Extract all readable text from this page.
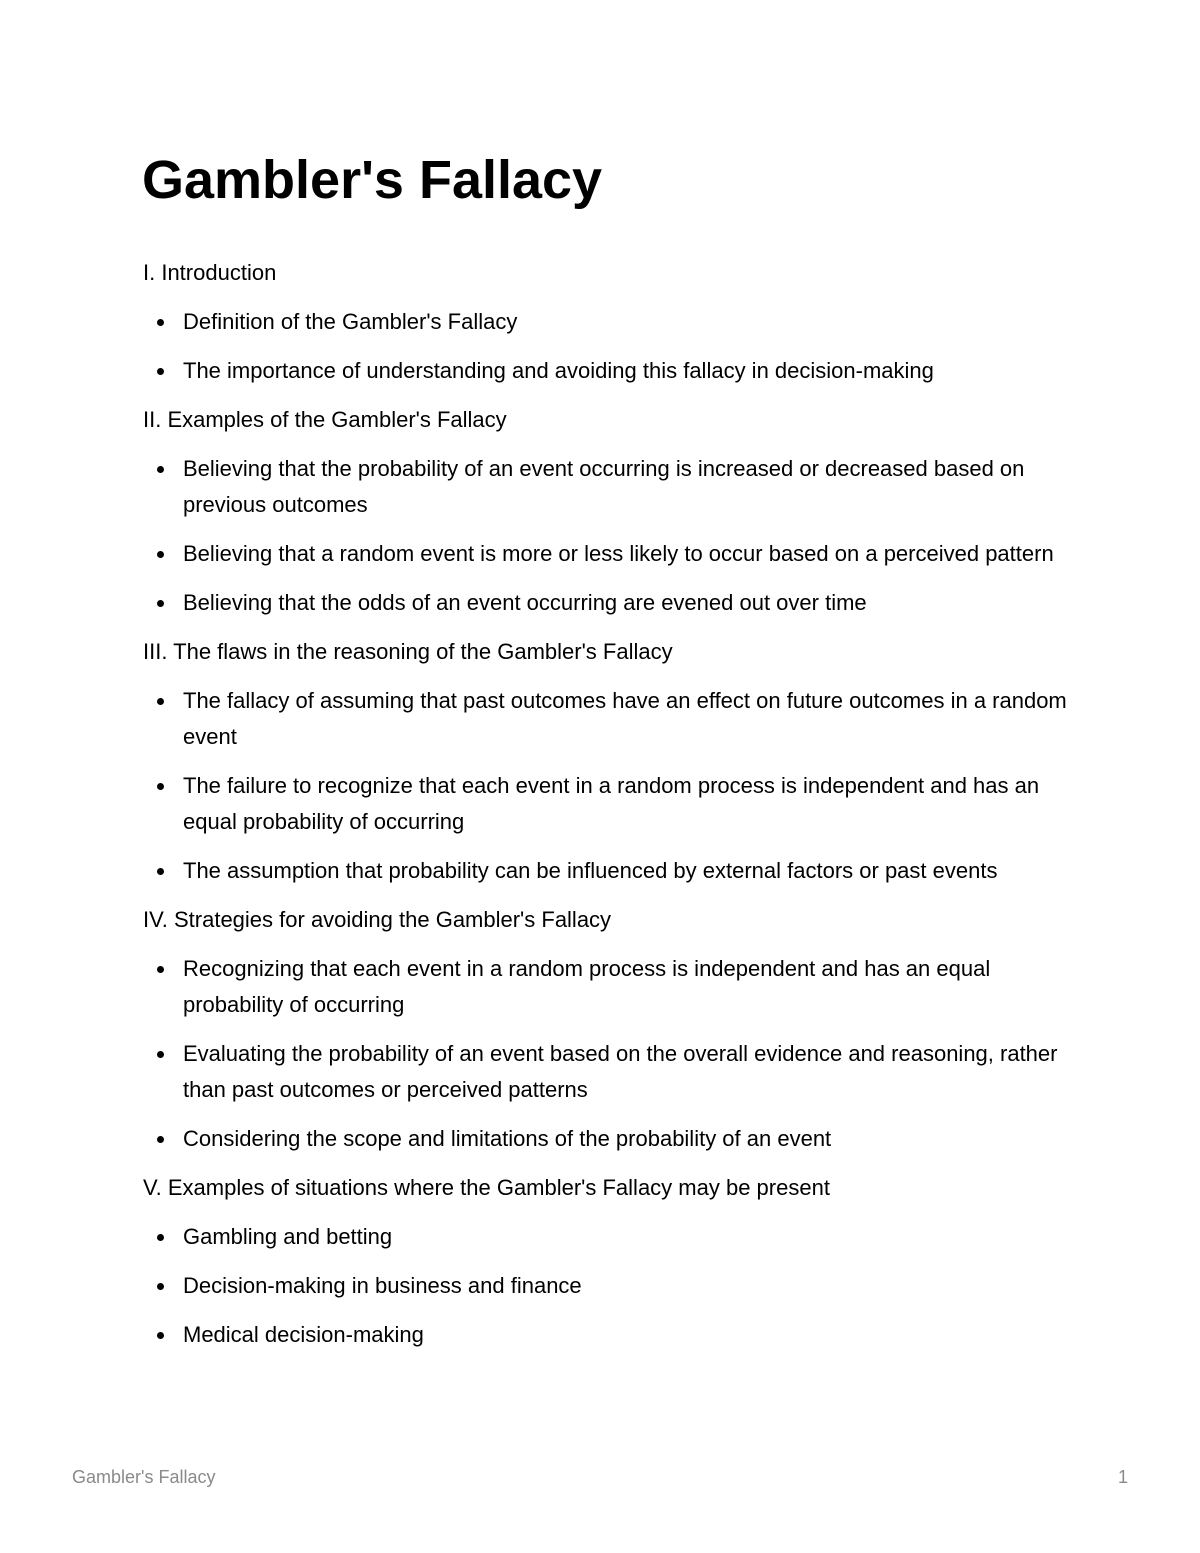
Gambler's Fallacy

I. Introduction

Definition of the Gambler's Fallacy
The importance of understanding and avoiding this fallacy in decision-making

II. Examples of the Gambler's Fallacy

Believing that the probability of an event occurring is increased or decreased based on previous outcomes
Believing that a random event is more or less likely to occur based on a perceived pattern
Believing that the odds of an event occurring are evened out over time

III. The flaws in the reasoning of the Gambler's Fallacy

The fallacy of assuming that past outcomes have an effect on future outcomes in a random event
The failure to recognize that each event in a random process is independent and has an equal probability of occurring
The assumption that probability can be influenced by external factors or past events

IV. Strategies for avoiding the Gambler's Fallacy

Recognizing that each event in a random process is independent and has an equal probability of occurring
Evaluating the probability of an event based on the overall evidence and reasoning, rather than past outcomes or perceived patterns
Considering the scope and limitations of the probability of an event

V. Examples of situations where the Gambler's Fallacy may be present

Gambling and betting
Decision-making in business and finance
Medical decision-making
Gambler's Fallacy	1
